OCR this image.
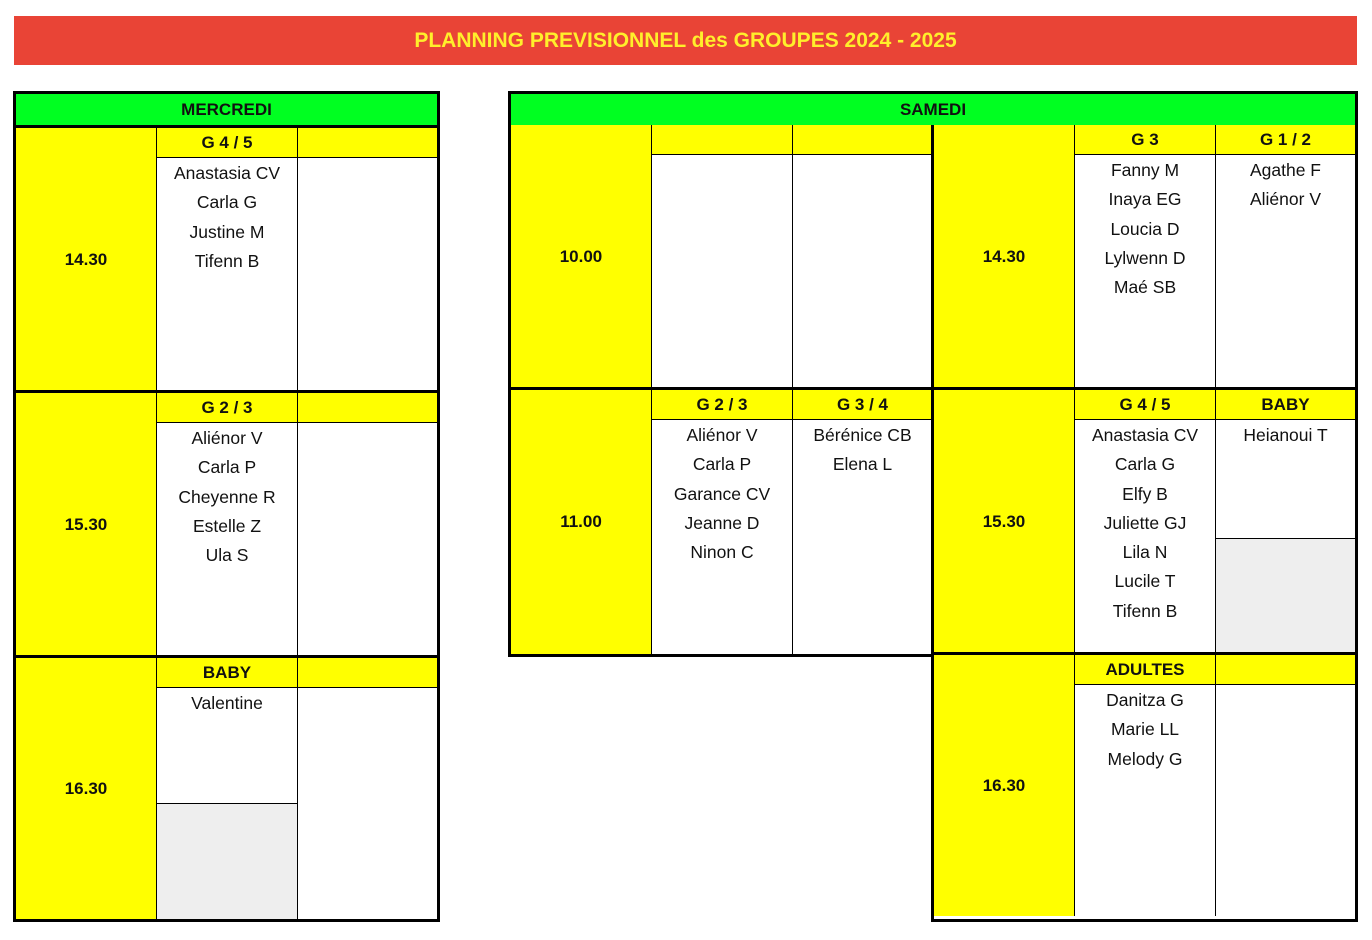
PLANNING PREVISIONNEL des GROUPES 2024 - 2025
MERCREDI
14.30
G 4 / 5
Anastasia CV
Carla G
Justine M
Tifenn B
15.30
G 2 / 3
Aliénor V
Carla P
Cheyenne R
Estelle Z
Ula S
16.30
BABY
Valentine
SAMEDI
10.00
11.00
G 2 / 3
Aliénor V
Carla P
Garance CV
Jeanne D
Ninon C
G 3 / 4
Bérénice CB
Elena L
14.30
G 3
Fanny M
Inaya EG
Loucia D
Lylwenn D
Maé SB
G 1 / 2
Agathe F
Aliénor V
15.30
G 4 / 5
Anastasia CV
Carla G
Elfy B
Juliette GJ
Lila N
Lucile T
Tifenn B
BABY
Heianoui T
16.30
ADULTES
Danitza G
Marie LL
Melody G
